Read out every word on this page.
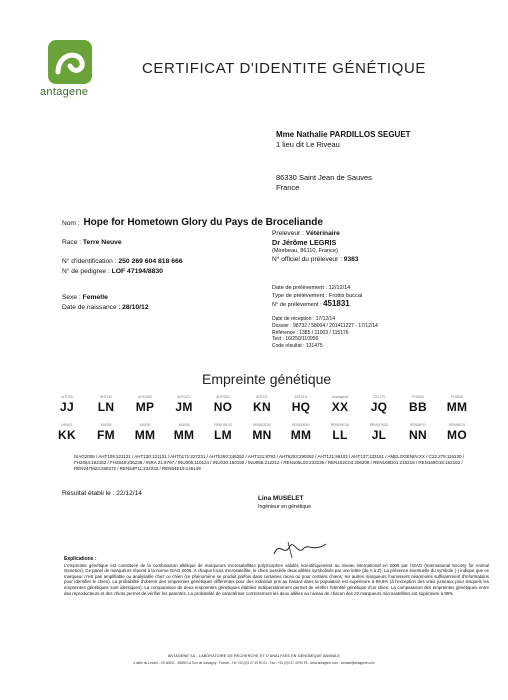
antagene
CERTIFICAT D'IDENTITE GÉNÉTIQUE
Mme Nathalie PARDILLOS SEGUET
1 lieu dit Le Riveau
86330 Saint Jean de Sauves
France
Nom : Hope for Hometown Glory du Pays de Broceliande
Race : Terre Neuve
N° d'identification : 250 269 604 818 666
N° de pedigree : LOF 47194/8830
Sexe : Femelle
Date de naissance : 28/10/12
Preleveur : Vétérinaire
Dr Jérôme LEGRIS
(Mirebeau, 86110, France)
N° officiel du préleveur : 9383
Date de prélèvement : 12/12/14
Type de prélèvement : Frottis buccal
N° de prélèvement : 451831
Date de réception : 17/12/14
Dossier : 98732 / 58004 / 201411227 - 17/12/14
Référence : 1385 / 11003 / 115176
Test : 16/250/110956
Code résultat : 131475
Empreinte génétique
AHT109
JJ
AHT130
LN
AHTh260
MP
AHTh171
JM
AHTh253
NO
AHT121
KN
AHTk211
HQ
Amelogenin
XX
C22.279
JQ
FH2054
BB
FH2848
MM
INRA21
KK
INU005
FM
INU030
MM
INU055
MM
REN105L03
LM
REN162C04
MN
REN169D01
MM
REN169O18
LL
REN247M23
JL
REN54P11
NN
REN64E19
MO
ISAG2006 / AHT109:121121 / AHT130:121131 / AHTh171:227231 / AHTh260:246252 / AHT121:8793 / AHTk253:290292 / AHT121:96102 / AHT137:133151 / AMELOGENIN:XX / C22.279:116130 / FH2054:152152 / FH2848:236238 / INRA 21:9797 / INU005:110124 / INU030:150150 / INU055:212212 / REN105L03:233235 / REN162C04:206208 / REN169D01:216216 / REN169O18:162162 / REN247M23:268272 / REN54P11:232232 / REN64E19:145149
Résultat établi le : 22/12/14
Lina MUSELET
Ingénieur en génétique
Explications :
L'empreinte génétique est constituée de la combinaison allélique de marqueurs microsatellites polymorphes validés scientifiquement au niveau international en 2006 par l'ISAG (International Society for Animal Genetics). Ce panel de marqueurs répond à la norme ISAG 2006. A chaque locus microsatellite, le chien possède deux allèles symbolisés par une lettre (de A à Z). La présence éventuelle du symbole (-) indique que ce marqueur n'est pas amplifiable ou analysable chez ce chien (ce phénomène se produit parfois dans certaines races ou pour certains chiens; les autres marqueurs fournissent néanmoins suffisamment d'informations pour identifier le chien). La probabilité d'obtenir des empreintes génétiques différentes pour des individus pris au hasard dans la population est supérieure à 99,9% (à l'exception des vrais jumeaux pour lesquels les empreintes génétiques sont identiques). La comparaison de deux empreintes génétiques établies indépendamment permet de vérifier l'identité génétique d'un chien. La comparaison des empreintes génétiques entre des reproducteurs et des chiots permet de vérifier les parentés. La probabilité de caractériser correctement les deux allèles au niveau de chacun des 22 marqueurs microsatellites est supérieure à 99%.
ANTAGENE SA - LABORATOIRE DE RECHERCHE ET D'ANALYSES EN GÉNOMIQUE ANIMALE
6 allée du Levant - CS 60001 - 69890 La Tour de Salvagny - France - Tél +33 (0)4 37 49 90 03 - Fax : +33 (0)4 37 49 90 99 - www.antagene.com - contact@antagene.com
